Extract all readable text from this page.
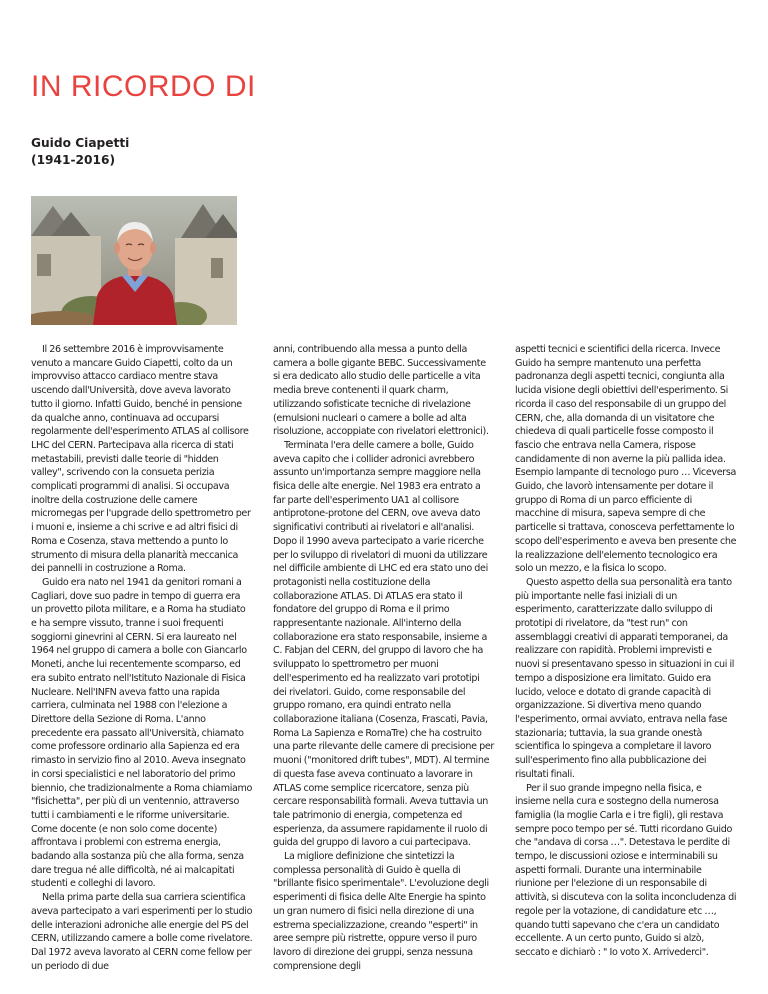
IN RICORDO DI
Guido Ciapetti
(1941-2016)

Il 26 settembre 2016 è improvvisamente venuto a mancare Guido Ciapetti, colto da un improvviso attacco cardiaco mentre stava uscendo dall'Università, dove aveva lavorato tutto il giorno. Infatti Guido, benché in pensione da qualche anno, continuava ad occuparsi regolarmente dell'esperimento ATLAS al collisore LHC del CERN. Partecipava alla ricerca di stati metastabili, previsti dalle teorie di "hidden valley", scrivendo con la consueta perizia complicati programmi di analisi. Si occupava inoltre della costruzione delle camere micromegas per l'upgrade dello spettrometro per i muoni e, insieme a chi scrive e ad altri fisici di Roma e Cosenza, stava mettendo a punto lo strumento di misura della planarità meccanica dei pannelli in costruzione a Roma.

Guido era nato nel 1941 da genitori romani a Cagliari, dove suo padre in tempo di guerra era un provetto pilota militare, e a Roma ha studiato e ha sempre vissuto, tranne i suoi frequenti soggiorni ginevrini al CERN. Si era laureato nel 1964 nel gruppo di camera a bolle con Giancarlo Moneti, anche lui recentemente scomparso, ed era subito entrato nell'Istituto Nazionale di Fisica Nucleare. Nell'INFN aveva fatto una rapida carriera, culminata nel 1988 con l'elezione a Direttore della Sezione di Roma. L'anno precedente era passato all'Università, chiamato come professore ordinario alla Sapienza ed era rimasto in servizio fino al 2010. Aveva insegnato in corsi specialistici e nel laboratorio del primo biennio, che tradizionalmente a Roma chiamiamo "fisichetta", per più di un ventennio, attraverso tutti i cambiamenti e le riforme universitarie. Come docente (e non solo come docente) affrontava i problemi con estrema energia, badando alla sostanza più che alla forma, senza dare tregua né alle difficoltà, né ai malcapitati studenti e colleghi di lavoro.

Nella prima parte della sua carriera scientifica aveva partecipato a vari esperimenti per lo studio delle interazioni adroniche alle energie del PS del CERN, utilizzando camere a bolle come rivelatore. Dal 1972 aveva lavorato al CERN come fellow per un periodo di due

anni, contribuendo alla messa a punto della camera a bolle gigante BEBC. Successivamente si era dedicato allo studio delle particelle a vita media breve contenenti il quark charm, utilizzando sofisticate tecniche di rivelazione (emulsioni nucleari o camere a bolle ad alta risoluzione, accoppiate con rivelatori elettronici).

Terminata l'era delle camere a bolle, Guido aveva capito che i collider adronici avrebbero assunto un'importanza sempre maggiore nella fisica delle alte energie. Nel 1983 era entrato a far parte dell'esperimento UA1 al collisore antiprotone-protone del CERN, ove aveva dato significativi contributi ai rivelatori e all'analisi. Dopo il 1990 aveva partecipato a varie ricerche per lo sviluppo di rivelatori di muoni da utilizzare nel difficile ambiente di LHC ed era stato uno dei protagonisti nella costituzione della collaborazione ATLAS. Di ATLAS era stato il fondatore del gruppo di Roma e il primo rappresentante nazionale. All'interno della collaborazione era stato responsabile, insieme a C. Fabjan del CERN, del gruppo di lavoro che ha sviluppato lo spettrometro per muoni dell'esperimento ed ha realizzato vari prototipi dei rivelatori. Guido, come responsabile del gruppo romano, era quindi entrato nella collaborazione italiana (Cosenza, Frascati, Pavia, Roma La Sapienza e RomaTre) che ha costruito una parte rilevante delle camere di precisione per muoni ("monitored drift tubes", MDT). Al termine di questa fase aveva continuato a lavorare in ATLAS come semplice ricercatore, senza più cercare responsabilità formali. Aveva tuttavia un tale patrimonio di energia, competenza ed esperienza, da assumere rapidamente il ruolo di guida del gruppo di lavoro a cui partecipava.

La migliore definizione che sintetizzi la complessa personalità di Guido è quella di "brillante fisico sperimentale". L'evoluzione degli esperimenti di fisica delle Alte Energie ha spinto un gran numero di fisici nella direzione di una estrema specializzazione, creando "esperti" in aree sempre più ristrette, oppure verso il puro lavoro di direzione dei gruppi, senza nessuna comprensione degli

aspetti tecnici e scientifici della ricerca. Invece Guido ha sempre mantenuto una perfetta padronanza degli aspetti tecnici, congiunta alla lucida visione degli obiettivi dell'esperimento. Si ricorda il caso del responsabile di un gruppo del CERN, che, alla domanda di un visitatore che chiedeva di quali particelle fosse composto il fascio che entrava nella Camera, rispose candidamente di non averne la più pallida idea. Esempio lampante di tecnologo puro … Viceversa Guido, che lavorò intensamente per dotare il gruppo di Roma di un parco efficiente di macchine di misura, sapeva sempre di che particelle si trattava, conosceva perfettamente lo scopo dell'esperimento e aveva ben presente che la realizzazione dell'elemento tecnologico era solo un mezzo, e la fisica lo scopo.

Questo aspetto della sua personalità era tanto più importante nelle fasi iniziali di un esperimento, caratterizzate dallo sviluppo di prototipi di rivelatore, da "test run" con assemblaggi creativi di apparati temporanei, da realizzare con rapidità. Problemi imprevisti e nuovi si presentavano spesso in situazioni in cui il tempo a disposizione era limitato. Guido era lucido, veloce e dotato di grande capacità di organizzazione. Si divertiva meno quando l'esperimento, ormai avviato, entrava nella fase stazionaria; tuttavia, la sua grande onestà scientifica lo spingeva a completare il lavoro sull'esperimento fino alla pubblicazione dei risultati finali.

Per il suo grande impegno nella fisica, e insieme nella cura e sostegno della numerosa famiglia (la moglie Carla e i tre figli), gli restava sempre poco tempo per sé. Tutti ricordano Guido che "andava di corsa …". Detestava le perdite di tempo, le discussioni oziose e interminabili su aspetti formali. Durante una interminabile riunione per l'elezione di un responsabile di attività, si discuteva con la solita inconcludenza di regole per la votazione, di candidature etc …, quando tutti sapevano che c'era un candidato eccellente. A un certo punto, Guido si alzò, seccato e dichiarò : " Io voto X. Arrivederci".
